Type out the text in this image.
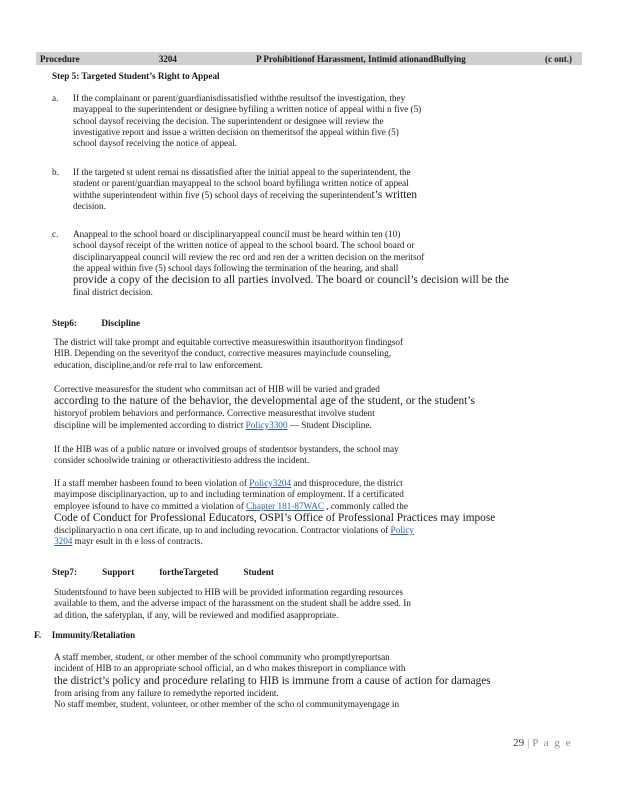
Procedure	3204	P Prohibitionof Harassment, Intimid ationandBullying	(c ont.)
Step 5: Targeted Student’s Right to Appeal
a. If the complainant or parent/guardianisdissatisfied withthe resultsof the investigation, they
mayappeal to the superintendent or designee byfiling a written notice of appeal withi n five (5)
school daysof receiving the decision. The superintendent or designee will review the
investigative report and issue a written decision on themeritsof the appeal within five (5)
school daysof receiving the notice of appeal.
b. If the targeted st udent remai ns dissatisfied after the initial appeal to the superintendent, the
student or parent/guardian mayappeal to the school board byfilinga written notice of appeal
withthe superintendent within five (5) school days of receiving the superintendent’s written
decision.
c. Anappeal to the school board or disciplinaryappeal council must be heard within ten (10)
school daysof receipt of the written notice of appeal to the school board. The school board or
disciplinaryappeal council will review the rec ord and ren der a written decision on the meritsof
the appeal within five (5) school days following the termination of the hearing, and shall
provide a copy of the decision to all parties involved. The board or council’s decision will be the
final district decision.
Step6:	Discipline
The district will take prompt and equitable corrective measureswithin itsauthorityon findingsof
HIB. Depending on the severityof the conduct, corrective measures mayinclude counseling,
education, discipline,and/or refe rral to law enforcement.
Corrective measuresfor the student who commitsan act of HIB will be varied and graded
according to the nature of the behavior, the developmental age of the student, or the student’s
historyof problem behaviors and performance. Corrective measuresthat involve student
discipline will be implemented according to district Policy3300 — Student Discipline.
If the HIB was of a public nature or involved groups of studentsor bystanders, the school may
consider schoolwide training or otheractivitiesto address the incident.
If a staff member hasbeen found to been violation of Policy3204 and thisprocedure, the district
mayimpose disciplinaryaction, up to and including termination of employment. If a certificated
employee isfound to have co mmitted a violation of Chapter 181-87WAC , commonly called the
Code of Conduct for Professional Educators, OSPI’s Office of Professional Practices may impose
disciplinaryactio n ona cert ificate, up to and including revocation. Contractor violations of Policy
3204 mayr esult in th e loss of contracts.
Step7:	Support	fortheTargeted	Student
Studentsfound to have been subjected to HIB will be provided information regarding resources
available to them, and the adverse impact of the harassment on the student shall be addre ssed. In
ad dition, the safetyplan, if any, will be reviewed and modified asappropriate.
F. Immunity/Retaliation
A staff member, student, or other member of the school community who promptlyreportsan
incident of HIB to an appropriate school official, an d who makes thisreport in compliance with
the district’s policy and procedure relating to HIB is immune from a cause of action for damages
from arising from any failure to remedythe reported incident.
No staff member, student, volunteer, or other member of the scho ol communitymayengage in
29 | P a g e
